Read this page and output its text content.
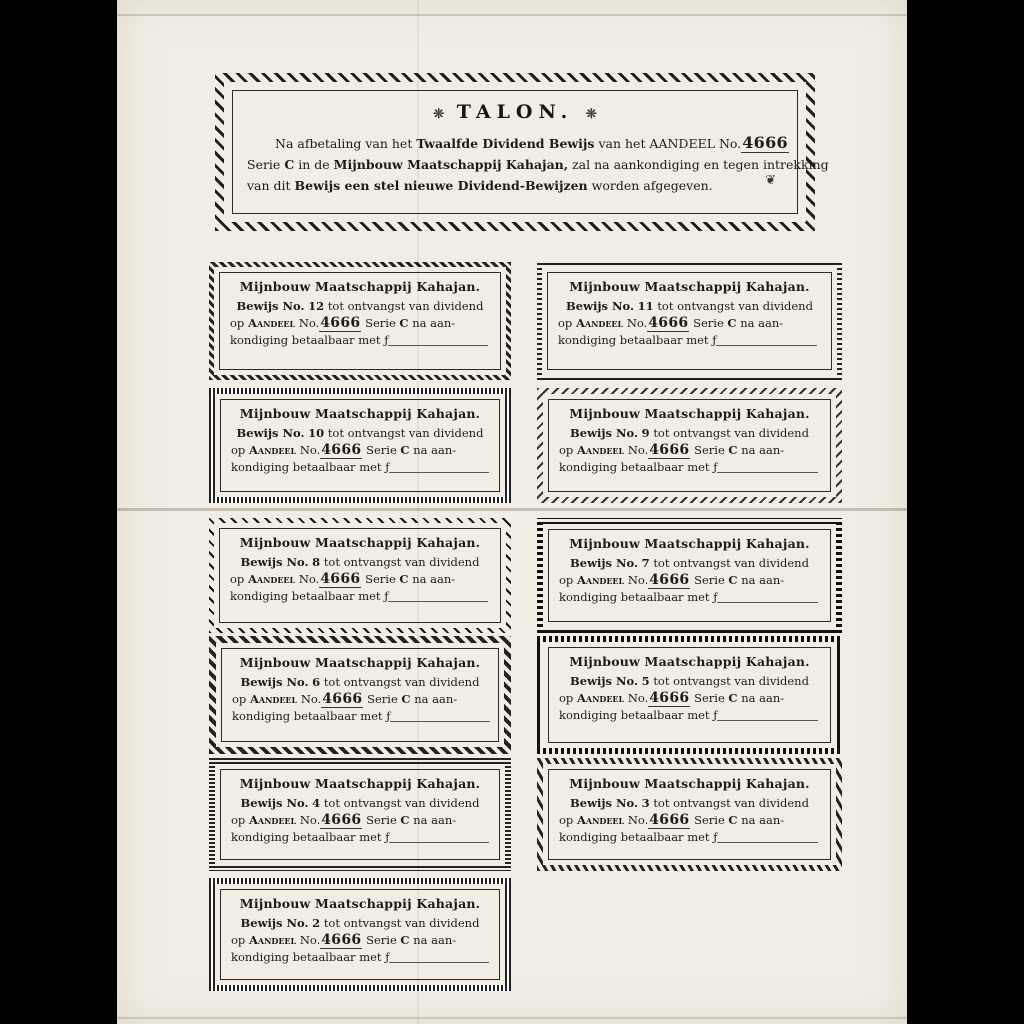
❊ TALON. ❊
Na afbetaling van het Twaalfde Dividend Bewijs van het AANDEEL No.4666
Serie C in de Mijnbouw Maatschappij Kahajan, zal na aankondiging en tegen intrekking
van dit Bewijs een stel nieuwe Dividend-Bewijzen worden afgegeven.	❦
Mijnbouw Maatschappij Kahajan.
Bewijs No. 12 tot ontvangst van dividend
op Aandeel No.4666 Serie C na aan-
kondiging betaalbaar met ƒ
Mijnbouw Maatschappij Kahajan.
Bewijs No. 11 tot ontvangst van dividend
op Aandeel No.4666 Serie C na aan-
kondiging betaalbaar met ƒ
Mijnbouw Maatschappij Kahajan.
Bewijs No. 10 tot ontvangst van dividend
op Aandeel No.4666 Serie C na aan-
kondiging betaalbaar met ƒ
Mijnbouw Maatschappij Kahajan.
Bewijs No. 9 tot ontvangst van dividend
op Aandeel No.4666 Serie C na aan-
kondiging betaalbaar met ƒ
Mijnbouw Maatschappij Kahajan.
Bewijs No. 8 tot ontvangst van dividend
op Aandeel No.4666 Serie C na aan-
kondiging betaalbaar met ƒ
Mijnbouw Maatschappij Kahajan.
Bewijs No. 7 tot ontvangst van dividend
op Aandeel No.4666 Serie C na aan-
kondiging betaalbaar met ƒ
Mijnbouw Maatschappij Kahajan.
Bewijs No. 6 tot ontvangst van dividend
op Aandeel No.4666 Serie C na aan-
kondiging betaalbaar met ƒ
Mijnbouw Maatschappij Kahajan.
Bewijs No. 5 tot ontvangst van dividend
op Aandeel No.4666 Serie C na aan-
kondiging betaalbaar met ƒ
Mijnbouw Maatschappij Kahajan.
Bewijs No. 4 tot ontvangst van dividend
op Aandeel No.4666 Serie C na aan-
kondiging betaalbaar met ƒ
Mijnbouw Maatschappij Kahajan.
Bewijs No. 3 tot ontvangst van dividend
op Aandeel No.4666 Serie C na aan-
kondiging betaalbaar met ƒ
Mijnbouw Maatschappij Kahajan.
Bewijs No. 2 tot ontvangst van dividend
op Aandeel No.4666 Serie C na aan-
kondiging betaalbaar met ƒ
